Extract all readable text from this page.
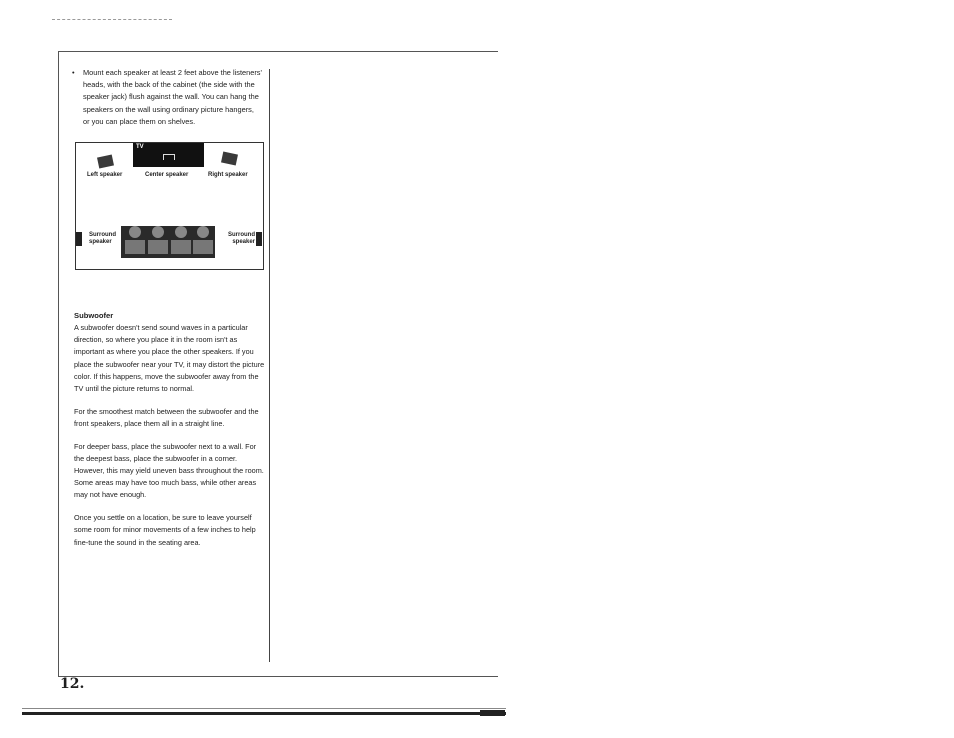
• Mount each speaker at least 2 feet above the listeners' heads, with the back of the cabinet (the side with the speaker jack) flush against the wall. You can hang the speakers on the wall using ordinary picture hangers, or you can place them on shelves.
TV
Left speaker	Center speaker	Right speaker
Surround speaker
Surround speaker
Subwoofer

A subwoofer doesn't send sound waves in a particular direction, so where you place it in the room isn't as important as where you place the other speakers. If you place the subwoofer near your TV, it may distort the picture color. If this happens, move the subwoofer away from the TV until the picture returns to normal.

For the smoothest match between the subwoofer and the front speakers, place them all in a straight line.

For deeper bass, place the subwoofer next to a wall. For the deepest bass, place the subwoofer in a corner. However, this may yield uneven bass throughout the room. Some areas may have too much bass, while other areas may not have enough.

Once you settle on a location, be sure to leave yourself some room for minor movements of a few inches to help fine-tune the sound in the seating area.

12.
